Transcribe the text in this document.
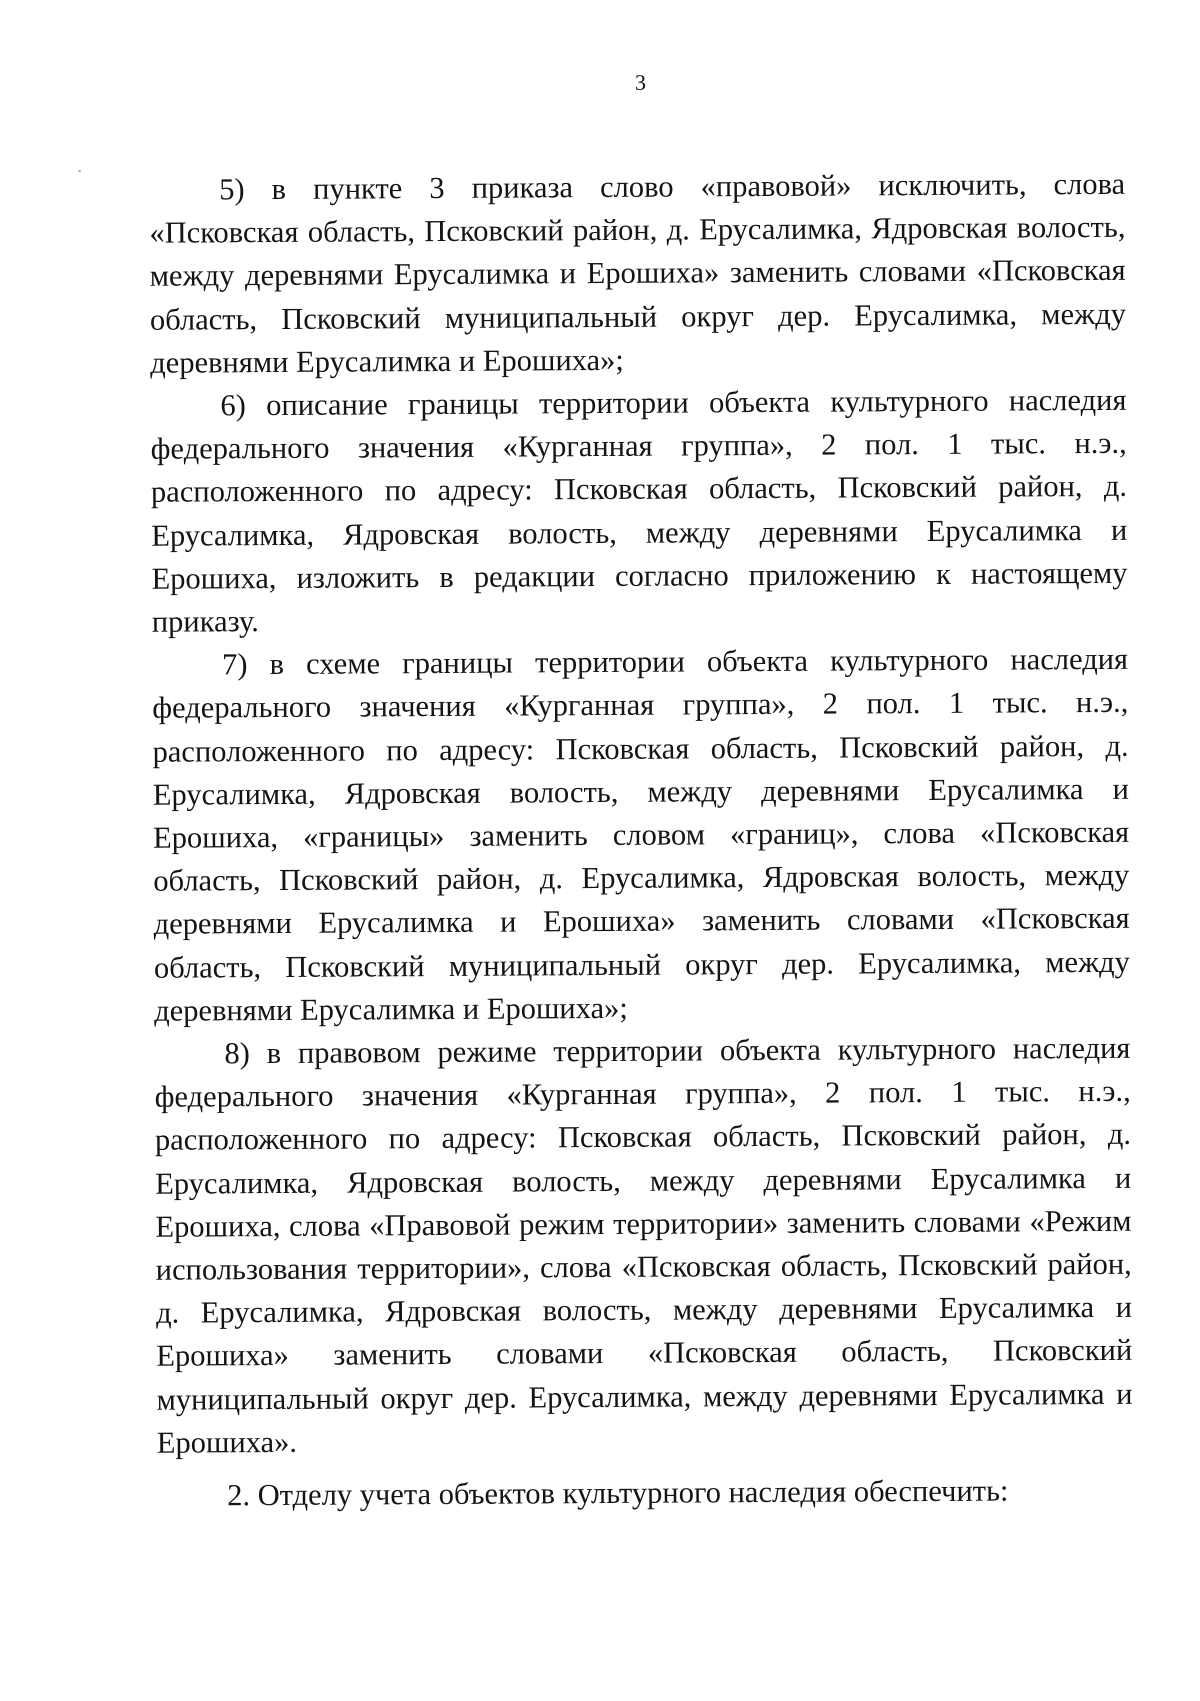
3

5) в пункте 3 приказа слово «правовой» исключить, слова «Псковская область, Псковский район, д. Ерусалимка, Ядровская волость, между деревнями Ерусалимка и Ерошиха» заменить словами «Псковская область, Псковский муниципальный округ дер. Ерусалимка, между деревнями Ерусалимка и Ерошиха»;

6) описание границы территории объекта культурного наследия федерального значения «Курганная группа», 2 пол. 1 тыс. н.э., расположенного по адресу: Псковская область, Псковский район, д. Ерусалимка, Ядровская волость, между деревнями Ерусалимка и Ерошиха, изложить в редакции согласно приложению к настоящему приказу.

7) в схеме границы территории объекта культурного наследия федерального значения «Курганная группа», 2 пол. 1 тыс. н.э., расположенного по адресу: Псковская область, Псковский район, д. Ерусалимка, Ядровская волость, между деревнями Ерусалимка и Ерошиха, «границы» заменить словом «границ», слова «Псковская область, Псковский район, д. Ерусалимка, Ядровская волость, между деревнями Ерусалимка и Ерошиха» заменить словами «Псковская область, Псковский муниципальный округ дер. Ерусалимка, между деревнями Ерусалимка и Ерошиха»;

8) в правовом режиме территории объекта культурного наследия федерального значения «Курганная группа», 2 пол. 1 тыс. н.э., расположенного по адресу: Псковская область, Псковский район, д. Ерусалимка, Ядровская волость, между деревнями Ерусалимка и Ерошиха, слова «Правовой режим территории» заменить словами «Режим использования территории», слова «Псковская область, Псковский район, д. Ерусалимка, Ядровская волость, между деревнями Ерусалимка и Ерошиха» заменить словами «Псковская область, Псковский муниципальный округ дер. Ерусалимка, между деревнями Ерусалимка и Ерошиха».

2. Отделу учета объектов культурного наследия обеспечить:
